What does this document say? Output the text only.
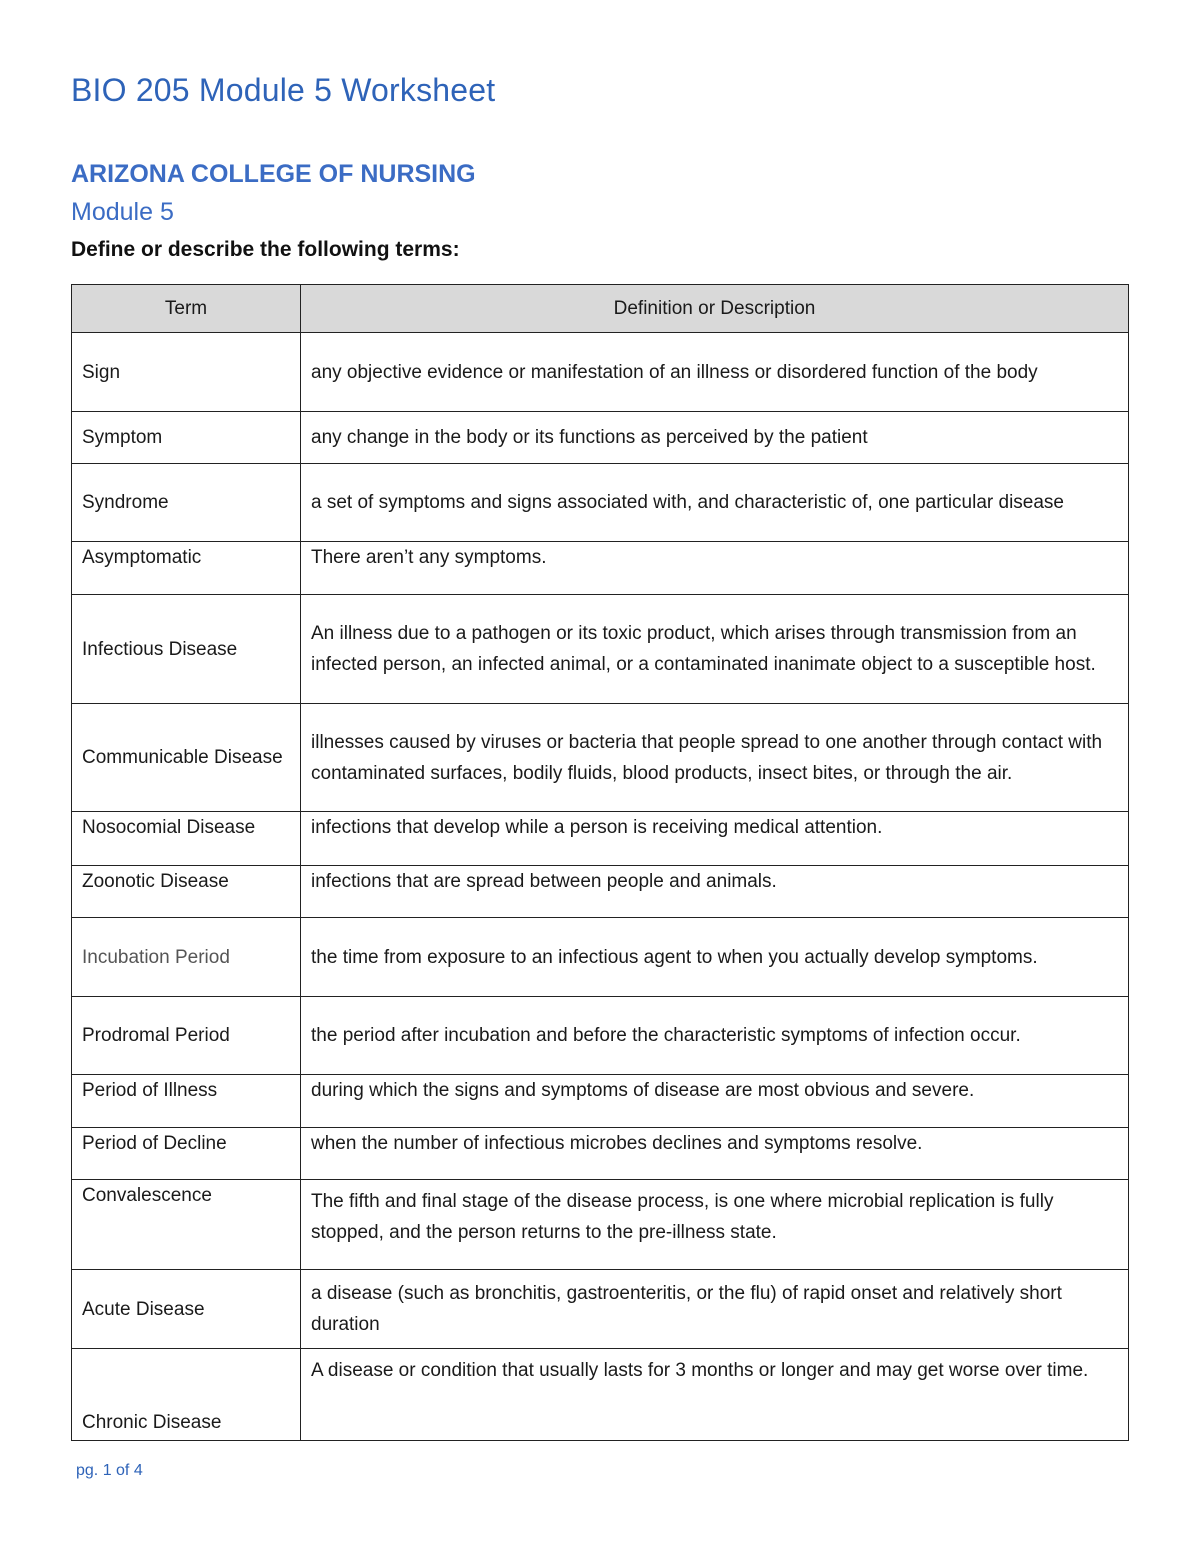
BIO 205 Module 5 Worksheet
ARIZONA COLLEGE OF NURSING
Module 5

Define or describe the following terms:

Term	Definition or Description
Sign	any objective evidence or manifestation of an illness or disordered function of the body
Symptom	any change in the body or its functions as perceived by the patient
Syndrome	a set of symptoms and signs associated with, and characteristic of, one particular disease
Asymptomatic	There aren’t any symptoms.
Infectious Disease	An illness due to a pathogen or its toxic product, which arises through transmission from an infected person, an infected animal, or a contaminated inanimate object to a susceptible host.
Communicable Disease	illnesses caused by viruses or bacteria that people spread to one another through contact with contaminated surfaces, bodily fluids, blood products, insect bites, or through the air.
Nosocomial Disease	infections that develop while a person is receiving medical attention.
Zoonotic Disease	infections that are spread between people and animals.
Incubation Period	the time from exposure to an infectious agent to when you actually develop symptoms.
Prodromal Period	the period after incubation and before the characteristic symptoms of infection occur.
Period of Illness	during which the signs and symptoms of disease are most obvious and severe.
Period of Decline	when the number of infectious microbes declines and symptoms resolve.
Convalescence	The fifth and final stage of the disease process, is one where microbial replication is fully stopped, and the person returns to the pre-illness state.
Acute Disease	a disease (such as bronchitis, gastroenteritis, or the flu) of rapid onset and relatively short duration
Chronic Disease	A disease or condition that usually lasts for 3 months or longer and may get worse over time.

pg. 1 of 4
